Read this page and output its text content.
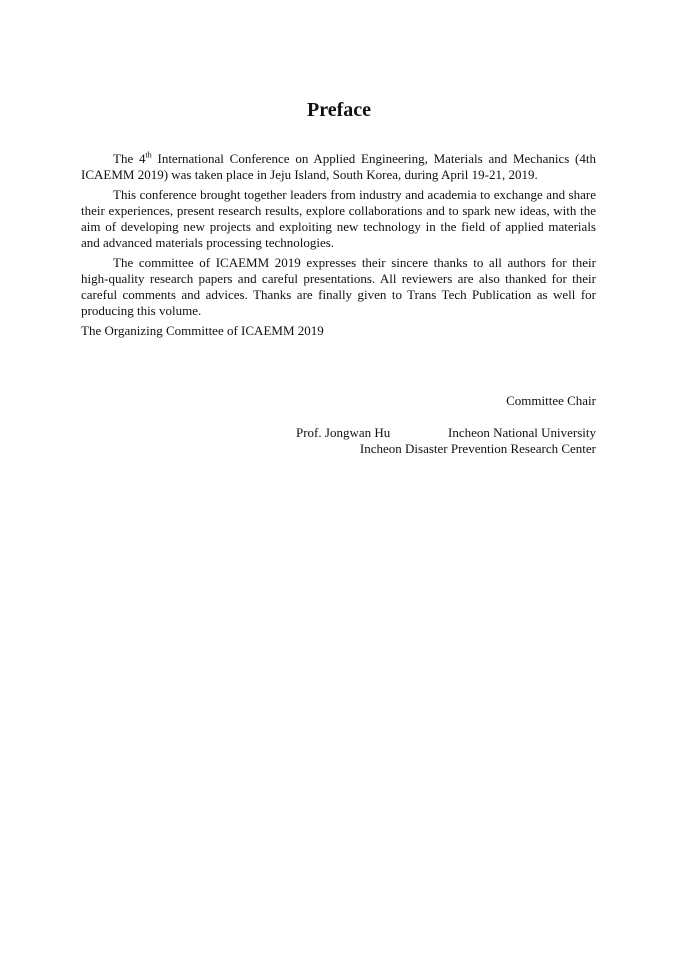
Preface

The 4th International Conference on Applied Engineering, Materials and Mechanics (4th ICAEMM 2019) was taken place in Jeju Island, South Korea, during April 19-21, 2019.

This conference brought together leaders from industry and academia to exchange and share their experiences, present research results, explore collaborations and to spark new ideas, with the aim of developing new projects and exploiting new technology in the field of applied materials and advanced materials processing technologies.

The committee of ICAEMM 2019 expresses their sincere thanks to all authors for their high-quality research papers and careful presentations. All reviewers are also thanked for their careful comments and advices. Thanks are finally given to Trans Tech Publication as well for producing this volume.

The Organizing Committee of ICAEMM 2019

Committee Chair
Prof. Jongwan Hu	Incheon National University
Incheon Disaster Prevention Research Center
